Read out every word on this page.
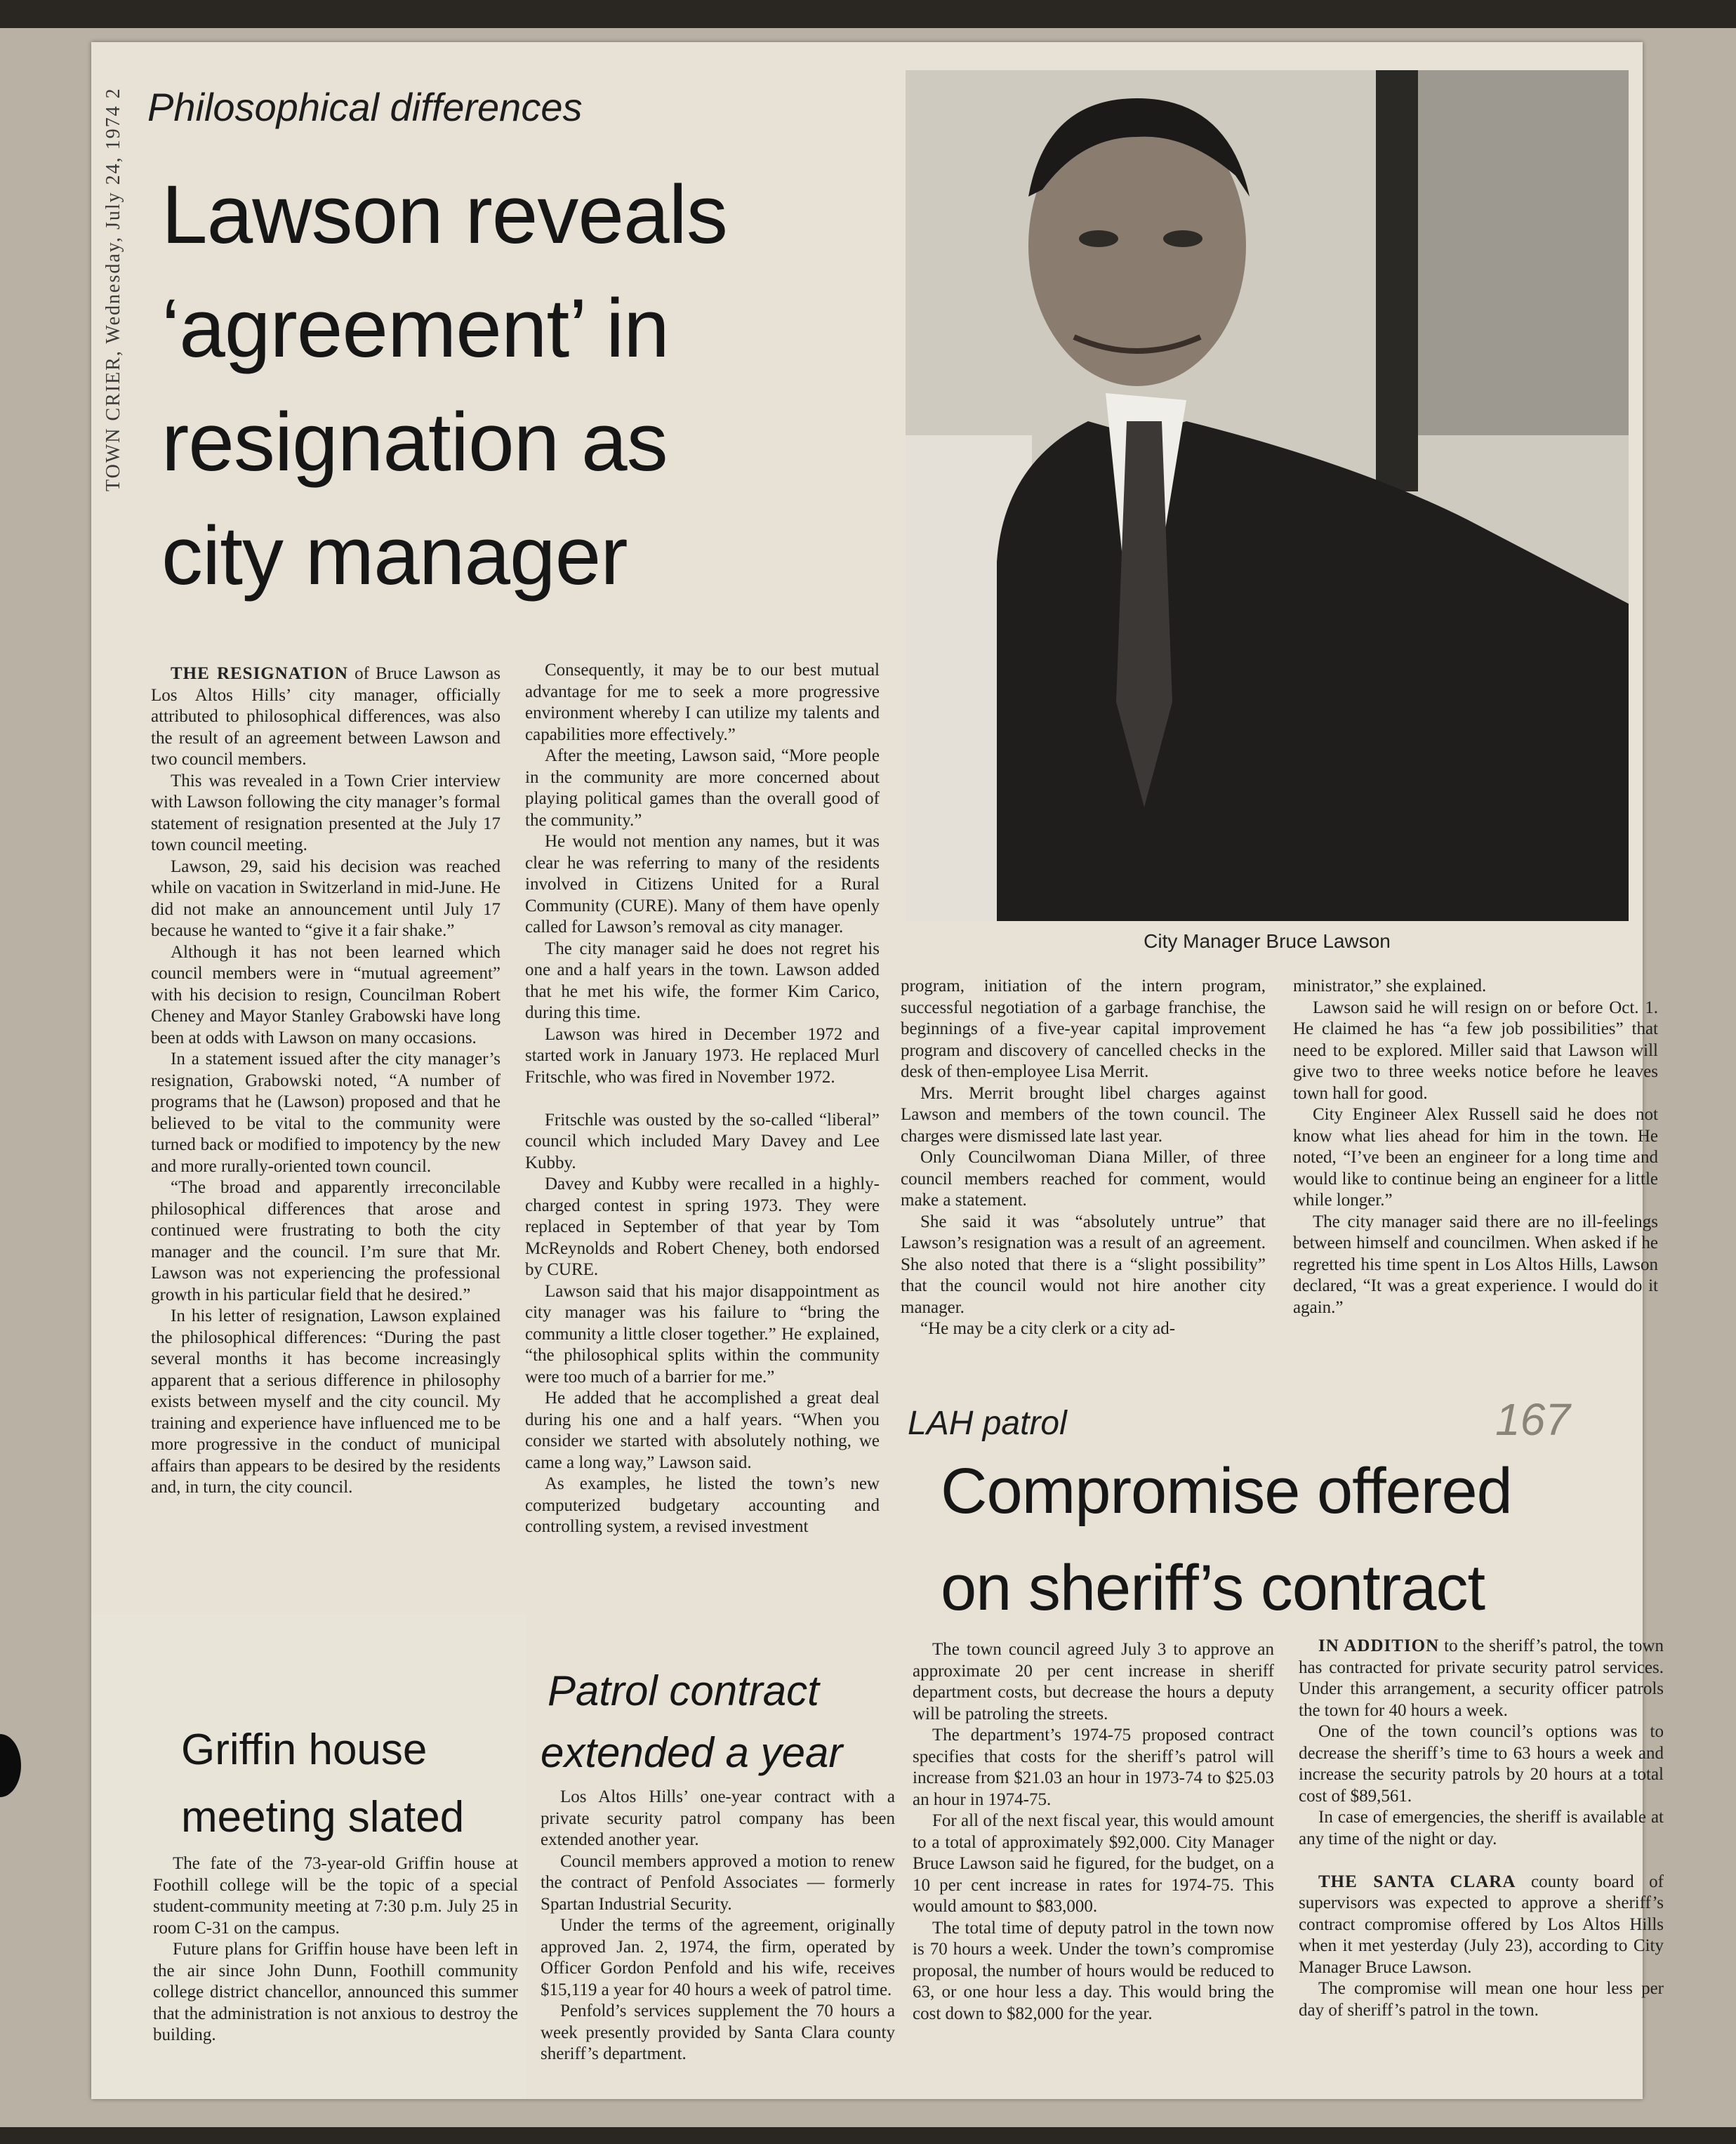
TOWN CRIER, Wednesday, July 24, 1974 2 Philosophical differences
Lawson reveals
‘agreement’ in
resignation as
city manager

THE RESIGNATION of Bruce Lawson as Los Altos Hills’ city manager, officially attributed to philosophical differences, was also the result of an agreement between Lawson and two council members.

This was revealed in a Town Crier interview with Lawson following the city manager’s formal statement of resignation presented at the July 17 town council meeting.

Lawson, 29, said his decision was reached while on vacation in Switzerland in mid-June. He did not make an announcement until July 17 because he wanted to “give it a fair shake.”

Although it has not been learned which council members were in “mutual agreement” with his decision to resign, Councilman Robert Cheney and Mayor Stanley Grabowski have long been at odds with Lawson on many occasions.

In a statement issued after the city manager’s resignation, Grabowski noted, “A number of programs that he (Lawson) proposed and that he believed to be vital to the community were turned back or modified to impotency by the new and more rurally-oriented town council.

“The broad and apparently irreconcilable philosophical differences that arose and continued were frustrating to both the city manager and the council. I’m sure that Mr. Lawson was not experiencing the professional growth in his particular field that he desired.”

In his letter of resignation, Lawson explained the philosophical differences: “During the past several months it has become increasingly apparent that a serious difference in philosophy exists between myself and the city council. My training and experience have influenced me to be more progressive in the conduct of municipal affairs than appears to be desired by the residents and, in turn, the city council.

Consequently, it may be to our best mutual advantage for me to seek a more progressive environment whereby I can utilize my talents and capabilities more effectively.”

After the meeting, Lawson said, “More people in the community are more concerned about playing political games than the overall good of the community.”

He would not mention any names, but it was clear he was referring to many of the residents involved in Citizens United for a Rural Community (CURE). Many of them have openly called for Lawson’s removal as city manager.

The city manager said he does not regret his one and a half years in the town. Lawson added that he met his wife, the former Kim Carico, during this time.

Lawson was hired in December 1972 and started work in January 1973. He replaced Murl Fritschle, who was fired in November 1972.

Fritschle was ousted by the so-called “liberal” council which included Mary Davey and Lee Kubby.

Davey and Kubby were recalled in a highly-charged contest in spring 1973. They were replaced in September of that year by Tom McReynolds and Robert Cheney, both endorsed by CURE.

Lawson said that his major disappointment as city manager was his failure to “bring the community a little closer together.” He explained, “the philosophical splits within the community were too much of a barrier for me.”

He added that he accomplished a great deal during his one and a half years. “When you consider we started with absolutely nothing, we came a long way,” Lawson said.

As examples, he listed the town’s new computerized budgetary accounting and controlling system, a revised investment

program, initiation of the intern program, successful negotiation of a garbage franchise, the beginnings of a five-year capital improvement program and discovery of cancelled checks in the desk of then-employee Lisa Merrit.

Mrs. Merrit brought libel charges against Lawson and members of the town council. The charges were dismissed late last year.

Only Councilwoman Diana Miller, of three council members reached for comment, would make a statement.

She said it was “absolutely untrue” that Lawson’s resignation was a result of an agreement. She also noted that there is a “slight possibility” that the council would not hire another city manager.

“He may be a city clerk or a city ad-

ministrator,” she explained.

Lawson said he will resign on or before Oct. 1. He claimed he has “a few job possibilities” that need to be explored. Miller said that Lawson will give two to three weeks notice before he leaves town hall for good.

City Engineer Alex Russell said he does not know what lies ahead for him in the town. He noted, “I’ve been an engineer for a long time and would like to continue being an engineer for a little while longer.”

The city manager said there are no ill-feelings between himself and councilmen. When asked if he regretted his time spent in Los Altos Hills, Lawson declared, “It was a great experience. I would do it again.”

City Manager Bruce Lawson
167
LAH patrol
Compromise offered
on sheriff’s contract

The town council agreed July 3 to approve an approximate 20 per cent increase in sheriff department costs, but decrease the hours a deputy will be patroling the streets.

The department’s 1974-75 proposed contract specifies that costs for the sheriff’s patrol will increase from $21.03 an hour in 1973-74 to $25.03 an hour in 1974-75.

For all of the next fiscal year, this would amount to a total of approximately $92,000. City Manager Bruce Lawson said he figured, for the budget, on a 10 per cent increase in rates for 1974-75. This would amount to $83,000.

The total time of deputy patrol in the town now is 70 hours a week. Under the town’s compromise proposal, the number of hours would be reduced to 63, or one hour less a day. This would bring the cost down to $82,000 for the year.

IN ADDITION to the sheriff’s patrol, the town has contracted for private security patrol services. Under this arrangement, a security officer patrols the town for 40 hours a week.

One of the town council’s options was to decrease the sheriff’s time to 63 hours a week and increase the security patrols by 20 hours at a total cost of $89,561.

In case of emergencies, the sheriff is available at any time of the night or day.

THE SANTA CLARA county board of supervisors was expected to approve a sheriff’s contract compromise offered by Los Altos Hills when it met yesterday (July 23), according to City Manager Bruce Lawson.

The compromise will mean one hour less per day of sheriff’s patrol in the town.

Griffin house
meeting slated

The fate of the 73-year-old Griffin house at Foothill college will be the topic of a special student-community meeting at 7:30 p.m. July 25 in room C-31 on the campus.

Future plans for Griffin house have been left in the air since John Dunn, Foothill community college district chancellor, announced this summer that the administration is not anxious to destroy the building.

Patrol contract
extended a year

Los Altos Hills’ one-year contract with a private security patrol company has been extended another year.

Council members approved a motion to renew the contract of Penfold Associates — formerly Spartan Industrial Security.

Under the terms of the agreement, originally approved Jan. 2, 1974, the firm, operated by Officer Gordon Penfold and his wife, receives $15,119 a year for 40 hours a week of patrol time.

Penfold’s services supplement the 70 hours a week presently provided by Santa Clara county sheriff’s department.
